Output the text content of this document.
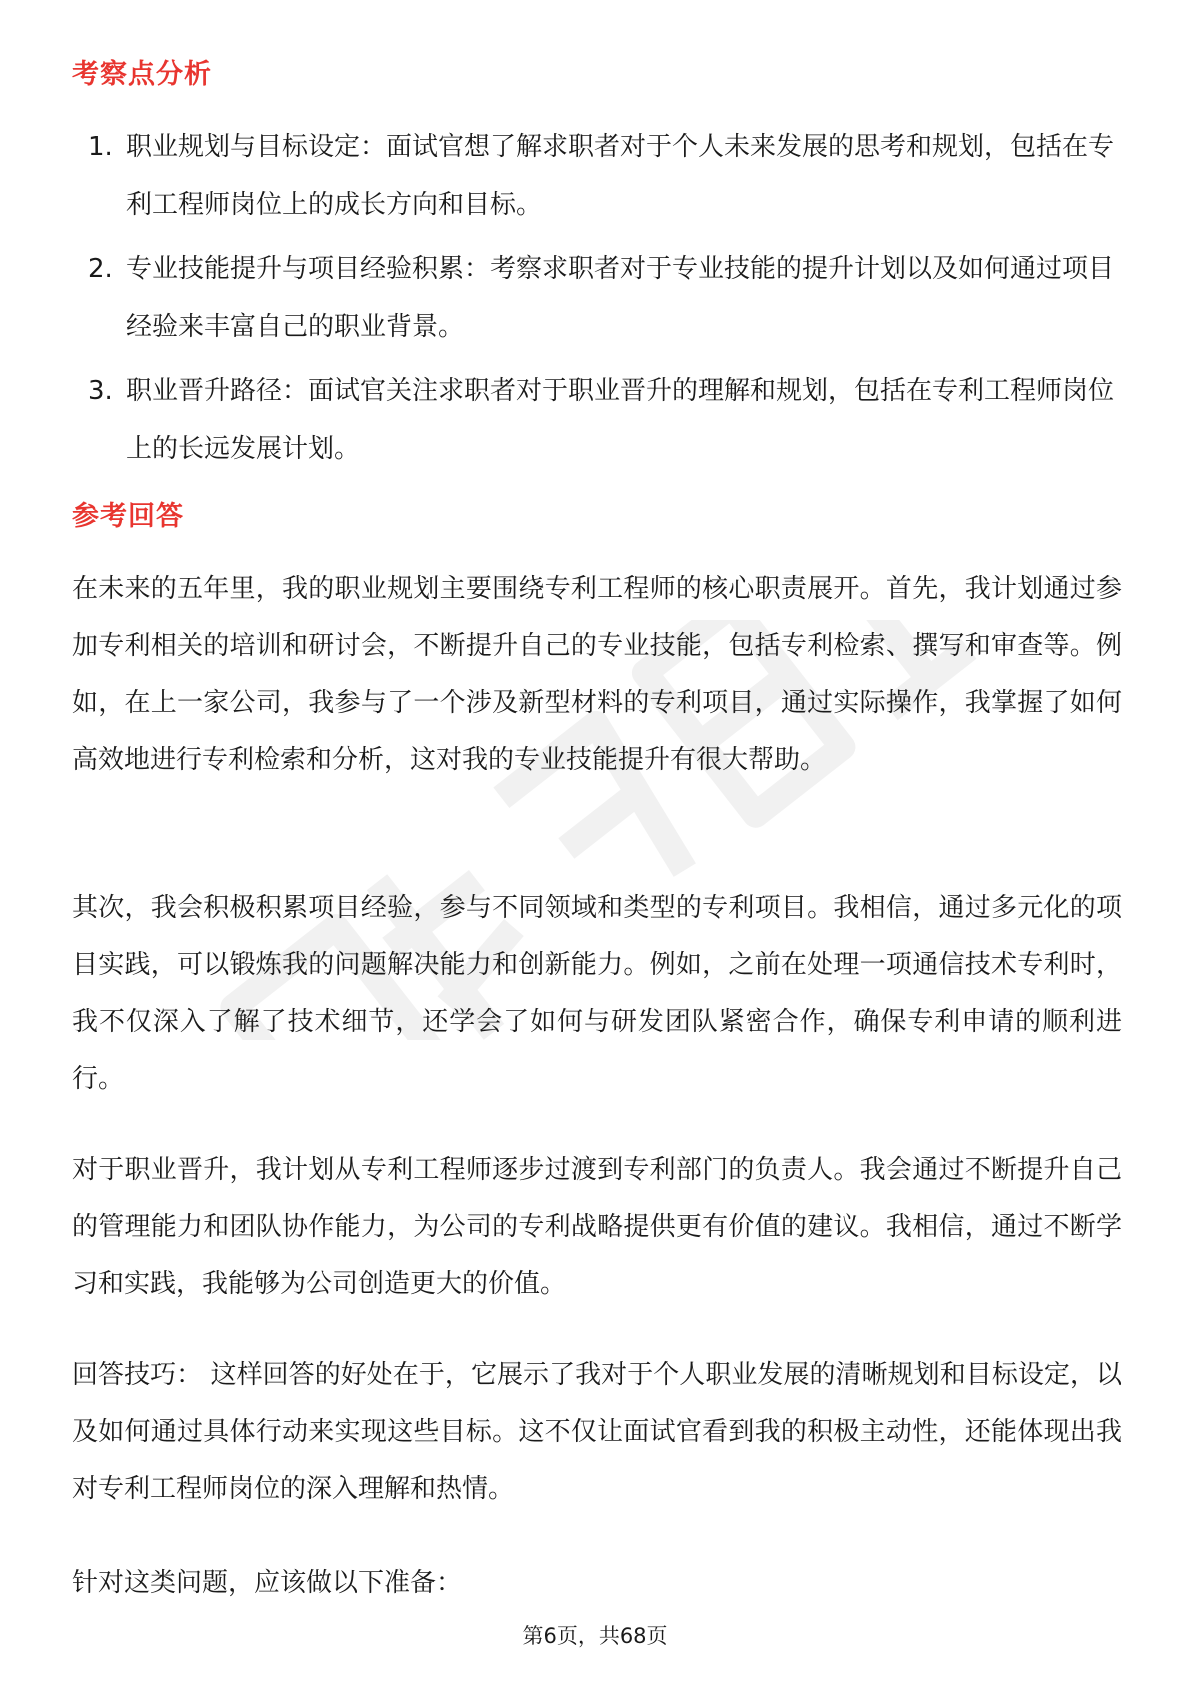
考察点分析
1. 职业规划与目标设定：面试官想了解求职者对于个人未来发展的思考和规划，包括在专利工程师岗位上的成长方向和目标。
2. 专业技能提升与项目经验积累：考察求职者对于专业技能的提升计划以及如何通过项目经验来丰富自己的职业背景。
3. 职业晋升路径：面试官关注求职者对于职业晋升的理解和规划，包括在专利工程师岗位上的长远发展计划。
参考回答

在未来的五年里，我的职业规划主要围绕专利工程师的核心职责展开。首先，我计划通过参加专利相关的培训和研讨会，不断提升自己的专业技能，包括专利检索、撰写和审查等。例如，在上一家公司，我参与了一个涉及新型材料的专利项目，通过实际操作，我掌握了如何高效地进行专利检索和分析，这对我的专业技能提升有很大帮助。

其次，我会积极积累项目经验，参与不同领域和类型的专利项目。我相信，通过多元化的项目实践，可以锻炼我的问题解决能力和创新能力。例如，之前在处理一项通信技术专利时，我不仅深入了解了技术细节，还学会了如何与研发团队紧密合作，确保专利申请的顺利进行。

对于职业晋升，我计划从专利工程师逐步过渡到专利部门的负责人。我会通过不断提升自己的管理能力和团队协作能力，为公司的专利战略提供更有价值的建议。我相信，通过不断学习和实践，我能够为公司创造更大的价值。

回答技巧： 这样回答的好处在于，它展示了我对于个人职业发展的清晰规划和目标设定，以及如何通过具体行动来实现这些目标。这不仅让面试官看到我的积极主动性，还能体现出我对专利工程师岗位的深入理解和热情。

针对这类问题，应该做以下准备：

第6页，共68页
